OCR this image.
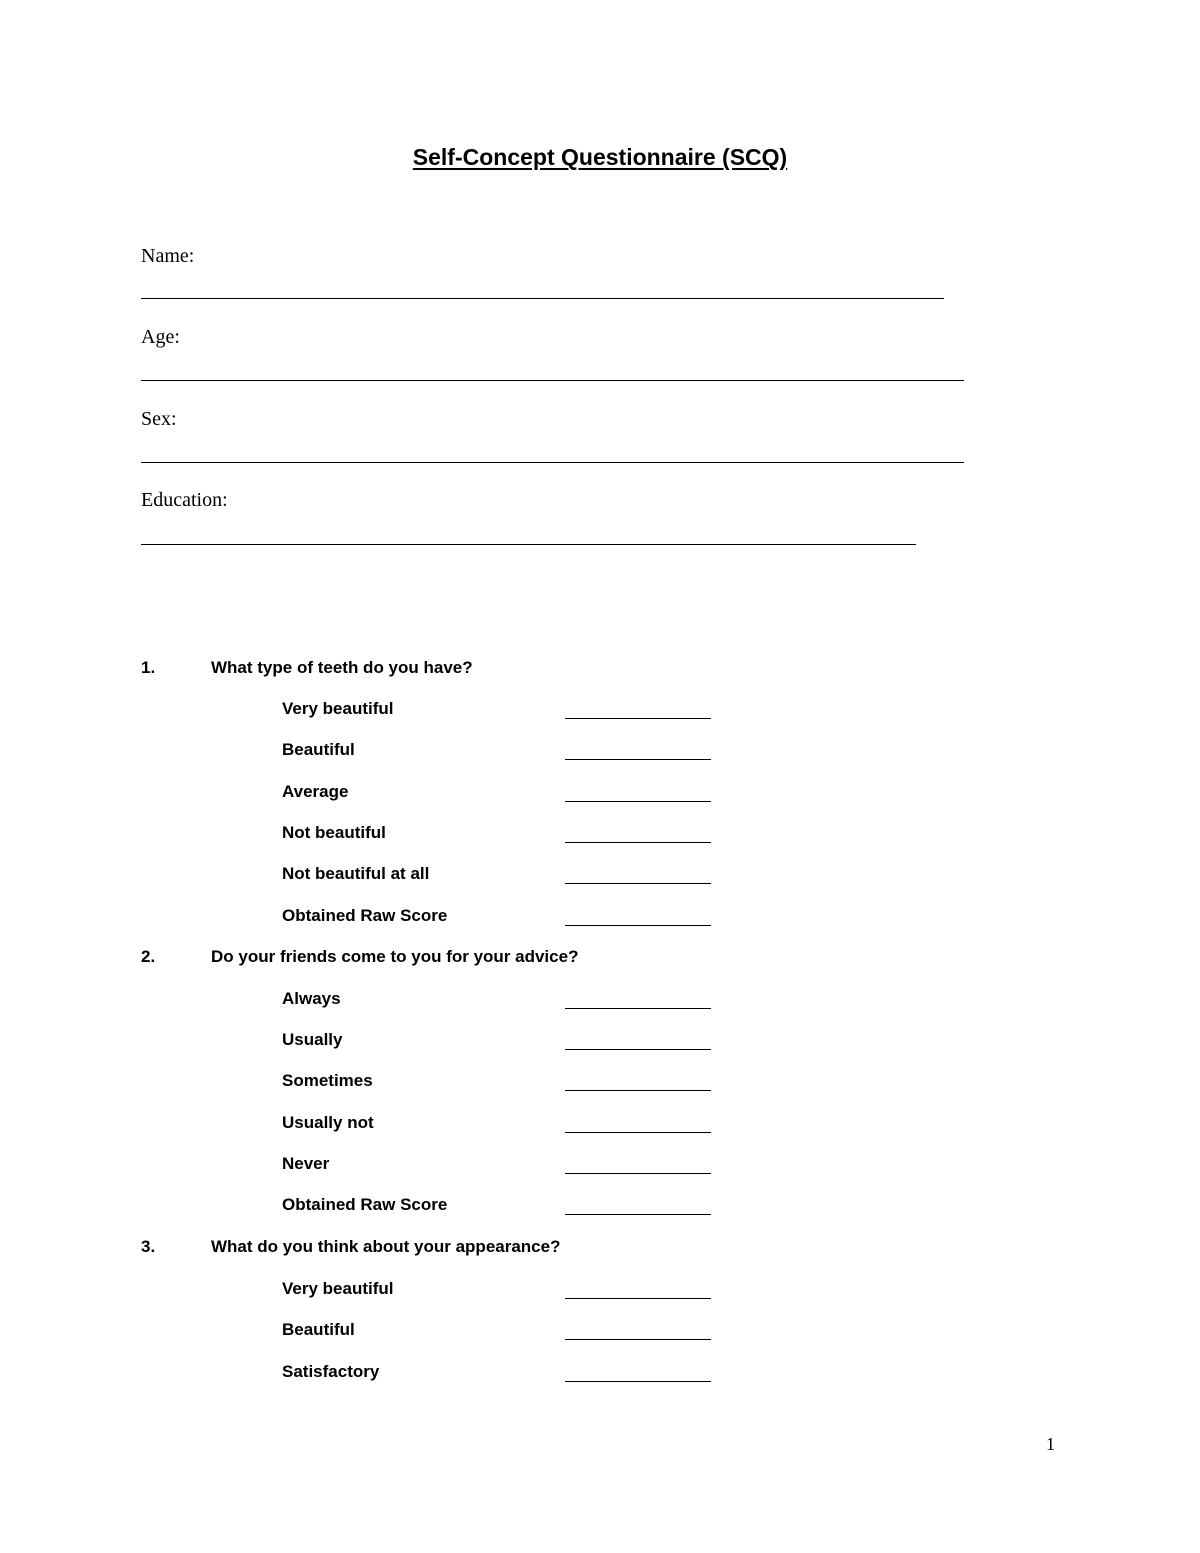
Self-Concept Questionnaire (SCQ)
Name:
Age:
Sex:
Education:
1.	What type of teeth do you have?
Very beautiful
Beautiful
Average
Not beautiful
Not beautiful at all
Obtained Raw Score
2.	Do your friends come to you for your advice?
Always
Usually
Sometimes
Usually not
Never
Obtained Raw Score
3.	What do you think about your appearance?
Very beautiful
Beautiful
Satisfactory
1
